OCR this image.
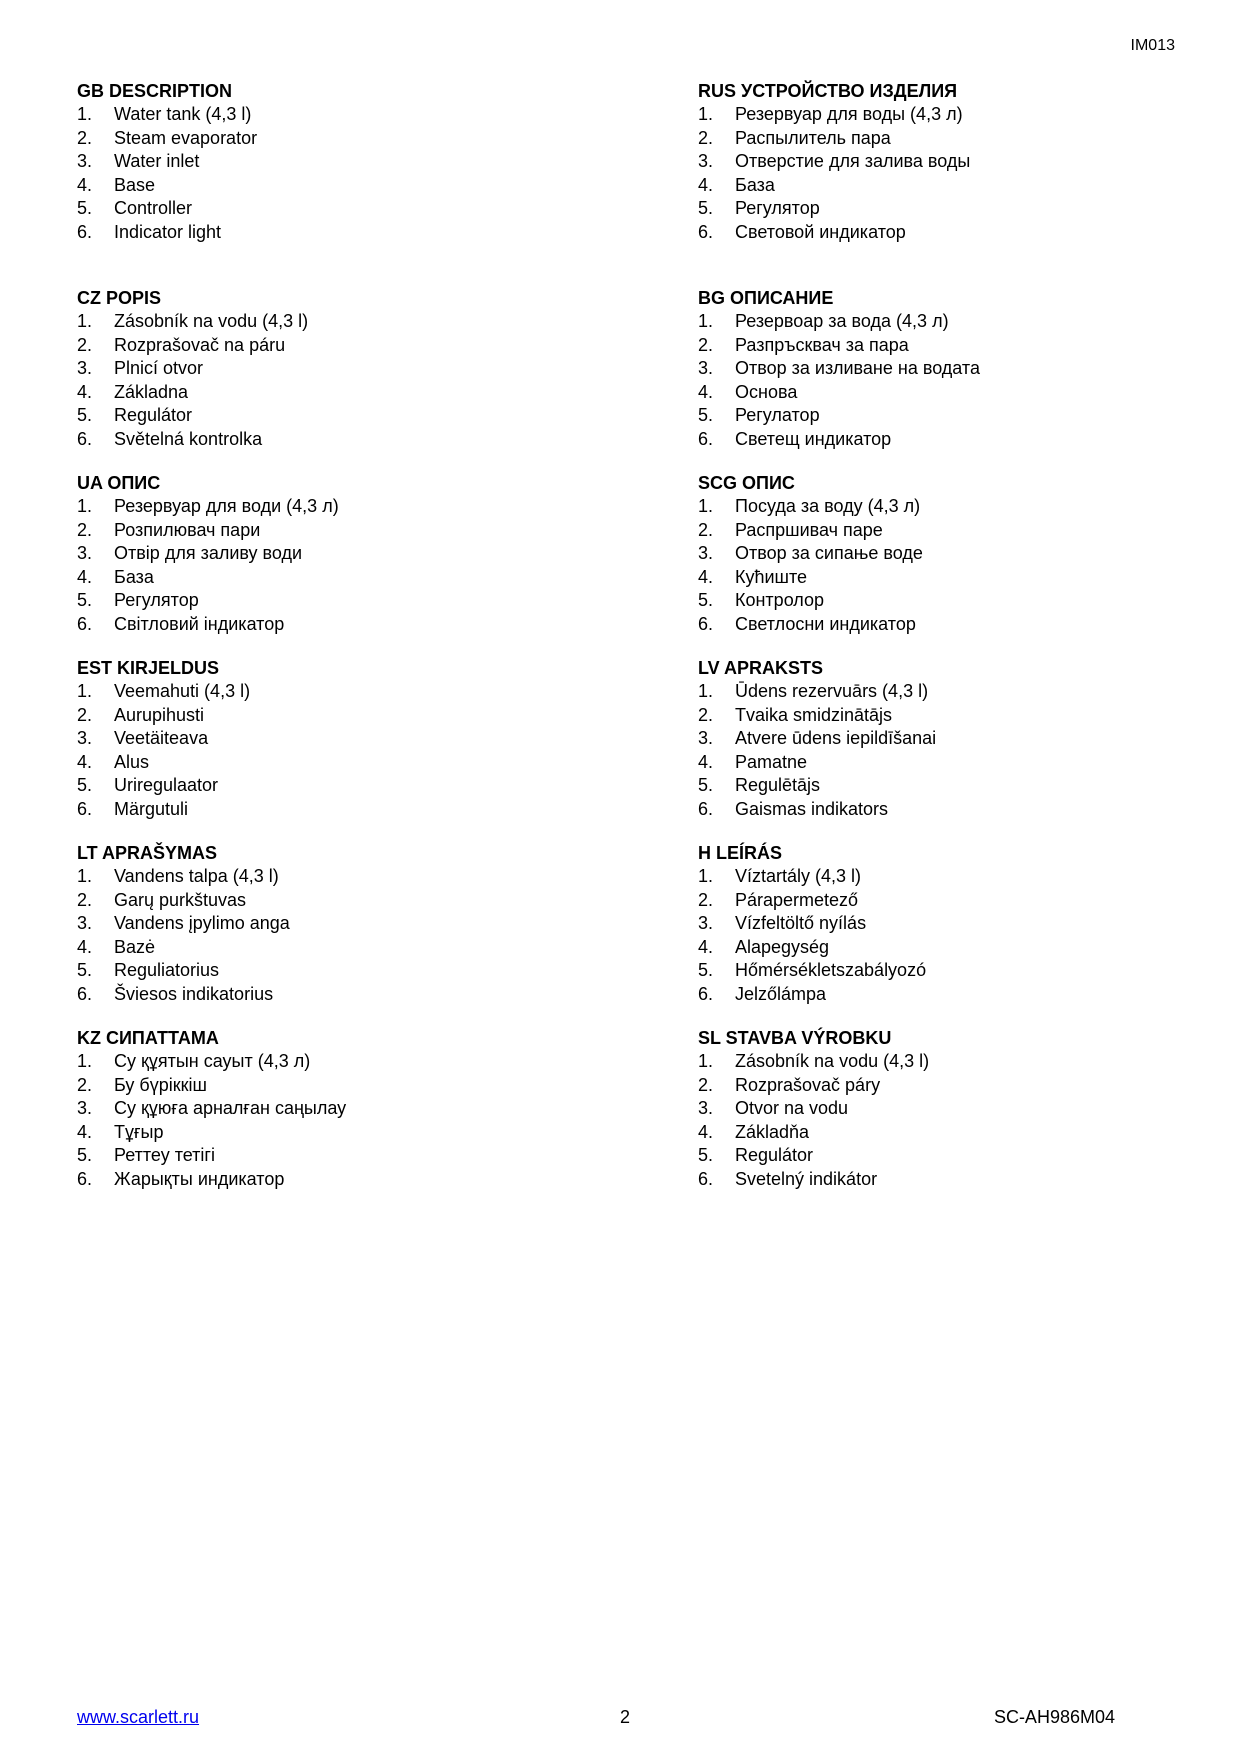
IM013
GB DESCRIPTION
1.	Water tank (4,3 l)
2.	Steam evaporator
3.	Water inlet
4.	Base
5.	Controller
6.	Indicator light
CZ POPIS
1.	Zásobník na vodu (4,3 l)
2.	Rozprašovač na páru
3.	Plnicí otvor
4.	Základna
5.	Regulátor
6.	Světelná kontrolka
UA ОПИС
1.	Резервуар для води (4,3 л)
2.	Розпилювач пари
3.	Отвір для заливу води
4.	База
5.	Регулятор
6.	Світловий індикатор
EST KIRJELDUS
1.	Veemahuti (4,3 l)
2.	Aurupihusti
3.	Veetäiteava
4.	Alus
5.	Uriregulaator
6.	Märgutuli
LT APRAŠYMAS
1.	Vandens talpa (4,3 l)
2.	Garų purkštuvas
3.	Vandens įpylimo anga
4.	Bazė
5.	Reguliatorius
6.	Šviesos indikatorius
KZ СИПАТТАМА
1.	Су құятын сауыт (4,3 л)
2.	Бу бүріккіш
3.	Су құюға арналған саңылау
4.	Тұғыр
5.	Реттеу тетігі
6.	Жарықты индикатор
RUS УСТРОЙСТВО ИЗДЕЛИЯ
1.	Резервуар для воды (4,3 л)
2.	Распылитель пара
3.	Отверстие для залива воды
4.	База
5.	Регулятор
6.	Световой индикатор
BG ОПИСАНИЕ
1.	Резервоар за вода (4,3 л)
2.	Разпръсквач за пара
3.	Отвор за изливане на водата
4.	Основа
5.	Регулатор
6.	Светещ индикатор
SCG ОПИС
1.	Посуда за воду (4,3 л)
2.	Распршивач паре
3.	Отвор за сипање воде
4.	Кућиште
5.	Контролор
6.	Светлосни индикатор
LV APRAKSTS
1.	Ūdens rezervuārs (4,3 l)
2.	Tvaika smidzinātājs
3.	Atvere ūdens iepildīšanai
4.	Pamatne
5.	Regulētājs
6.	Gaismas indikators
H LEÍRÁS
1.	Víztartály (4,3 l)
2.	Párapermetező
3.	Vízfeltöltő nyílás
4.	Alapegység
5.	Hőmérsékletszabályozó
6.	Jelzőlámpa
SL STAVBA VÝROBKU
1.	Zásobník na vodu (4,3 l)
2.	Rozprašovač páry
3.	Otvor na vodu
4.	Základňa
5.	Regulátor
6.	Svetelný indikátor
www.scarlett.ru	2	SC-AH986M04
